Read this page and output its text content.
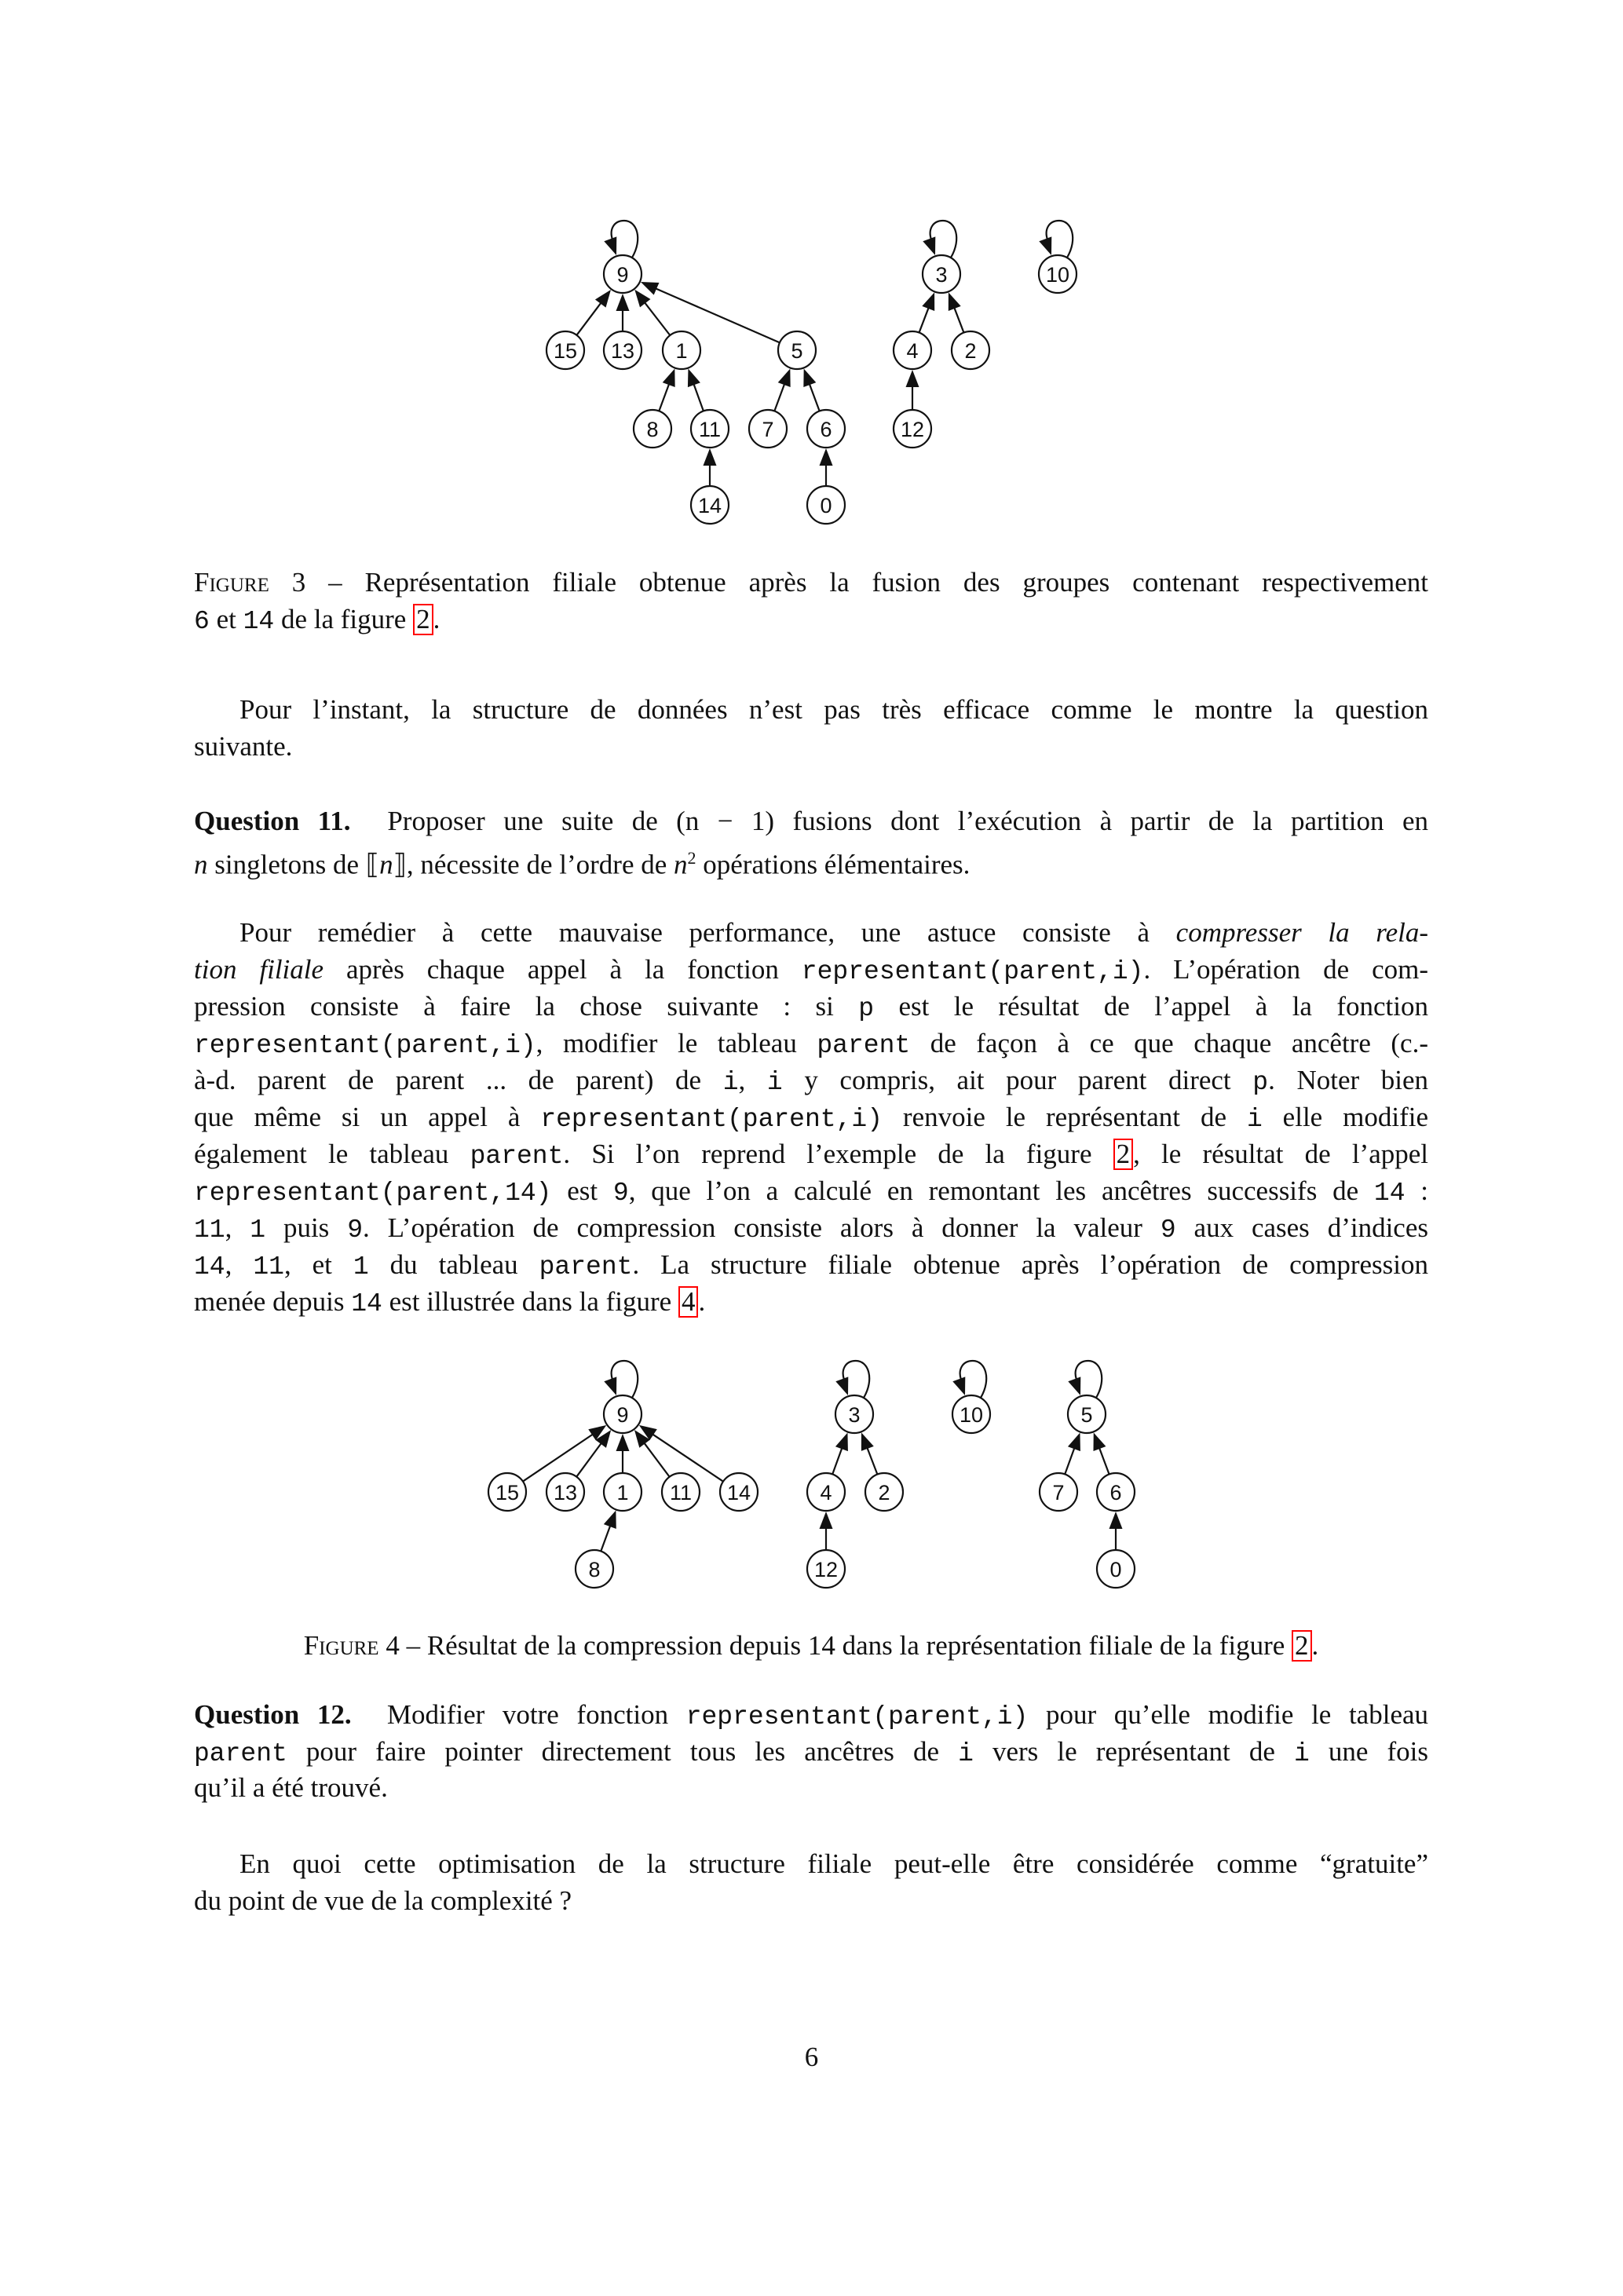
9
15 13 1	5
8 11 7 6
14	0
3	10
4 2
12
Figure 3 – Représentation filiale obtenue après la fusion des groupes contenant respectivement
6 et 14 de la figure 2 .
Pour l’instant, la structure de données n’est pas très efficace comme le montre la question
suivante.
Question 11. Proposer une suite de (n − 1) fusions dont l’exécution à partir de la partition en
n singletons de ⟦n⟧, nécessite de l’ordre de $n^2$ opérations élémentaires.
Pour remédier à cette mauvaise performance, une astuce consiste à compresser la rela-
tion filiale après chaque appel à la fonction representant(parent,i). L’opération de com-
pression consiste à faire la chose suivante : si p est le résultat de l’appel à la fonction
representant(parent,i), modifier le tableau parent de façon à ce que chaque ancêtre (c.-
à-d. parent de parent ... de parent) de i, i y compris, ait pour parent direct p. Noter bien
que même si un appel à representant(parent,i) renvoie le représentant de i elle modifie
également le tableau parent. Si l’on reprend l’exemple de la figure 2 , le résultat de l’appel
representant(parent,14) est 9, que l’on a calculé en remontant les ancêtres successifs de 14 :
11, 1 puis 9. L’opération de compression consiste alors à donner la valeur 9 aux cases d’indices
14, 11, et 1 du tableau parent. La structure filiale obtenue après l’opération de compression
menée depuis 14 est illustrée dans la figure 4 .
9
15 13 1 11 14
8
3
4 2
12
10	5
7 6
0
Figure 4 – Résultat de la compression depuis 14 dans la représentation filiale de la figure 2 .
Question 12. Modifier votre fonction representant(parent,i) pour qu’elle modifie le tableau
parent pour faire pointer directement tous les ancêtres de i vers le représentant de i une fois
qu’il a été trouvé.
En quoi cette optimisation de la structure filiale peut-elle être considérée comme “gratuite”
du point de vue de la complexité ?
6
